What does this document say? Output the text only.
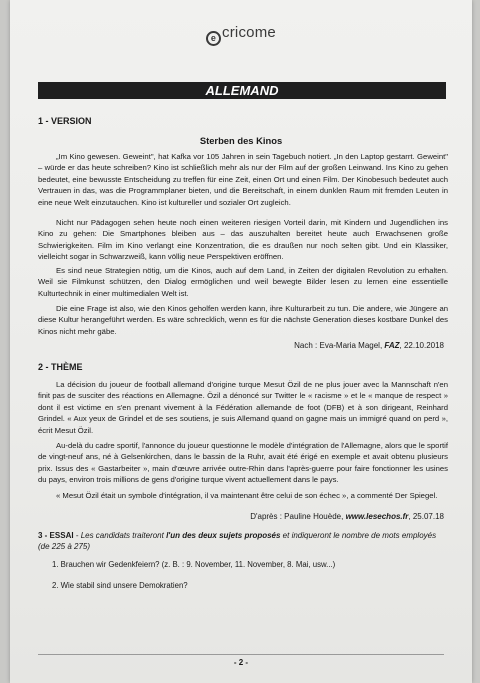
e cricome
ALLEMAND
1 - VERSION
Sterben des Kinos

„Im Kino gewesen. Geweint", hat Kafka vor 105 Jahren in sein Tagebuch notiert. „In den Laptop gestarrt. Geweint" – würde er das heute schreiben? Kino ist schließlich mehr als nur der Film auf der großen Leinwand. Ins Kino zu gehen bedeutet, eine bewusste Entscheidung zu treffen für eine Zeit, einen Ort und einen Film. Der Kinobesuch bedeutet auch Vertrauen in das, was die Programmplaner bieten, und die Bereitschaft, in einem dunklen Raum mit fremden Leuten in eine neue Welt einzutauchen. Kino ist kultureller und sozialer Ort zugleich.

Nicht nur Pädagogen sehen heute noch einen weiteren riesigen Vorteil darin, mit Kindern und Jugendlichen ins Kino zu gehen: Die Smartphones bleiben aus – das auszuhalten bereitet heute auch Erwachsenen große Schwierigkeiten. Film im Kino verlangt eine Konzentration, die es draußen nur noch selten gibt. Und ein Klassiker, vielleicht sogar in Schwarzweiß, kann völlig neue Perspektiven eröffnen.

Es sind neue Strategien nötig, um die Kinos, auch auf dem Land, in Zeiten der digitalen Revolution zu erhalten. Weil sie Filmkunst schützen, den Dialog ermöglichen und weil bewegte Bilder lesen zu lernen eine essentielle Kulturtechnik in einer multimedialen Welt ist.

Die eine Frage ist also, wie den Kinos geholfen werden kann, ihre Kulturarbeit zu tun. Die andere, wie Jüngere an diese Kultur herangeführt werden. Es wäre schrecklich, wenn es für die nächste Generation dieses kostbare Dunkel des Kinos nicht mehr gäbe.

Nach : Eva-Maria Magel, FAZ, 22.10.2018
2 - THÈME

La décision du joueur de football allemand d'origine turque Mesut Özil de ne plus jouer avec la Mannschaft n'en finit pas de susciter des réactions en Allemagne. Özil a dénoncé sur Twitter le « racisme » et le « manque de respect » dont il est victime en s'en prenant vivement à la Fédération allemande de foot (DFB) et à son dirigeant, Reinhard Grindel. « Aux yeux de Grindel et de ses soutiens, je suis Allemand quand on gagne mais un immigré quand on perd », écrit Mesut Özil.

Au-delà du cadre sportif, l'annonce du joueur questionne le modèle d'intégration de l'Allemagne, alors que le sportif de vingt-neuf ans, né à Gelsenkirchen, dans le bassin de la Ruhr, avait été érigé en exemple et avait obtenu plusieurs prix. Issus des « Gastarbeiter », main d'œuvre arrivée outre-Rhin dans l'après-guerre pour faire fonctionner les usines du pays, environ trois millions de gens d'origine turque vivent actuellement dans le pays.

« Mesut Özil était un symbole d'intégration, il va maintenant être celui de son échec », a commenté Der Spiegel.

D'après : Pauline Houède, www.lesechos.fr, 25.07.18
3 - ESSAI - Les candidats traiteront l'un des deux sujets proposés et indiqueront le nombre de mots employés (de 225 à 275)
1. Brauchen wir Gedenkfeiern? (z. B. : 9. November, 11. November, 8. Mai, usw...)
2. Wie stabil sind unsere Demokratien?
- 2 -
